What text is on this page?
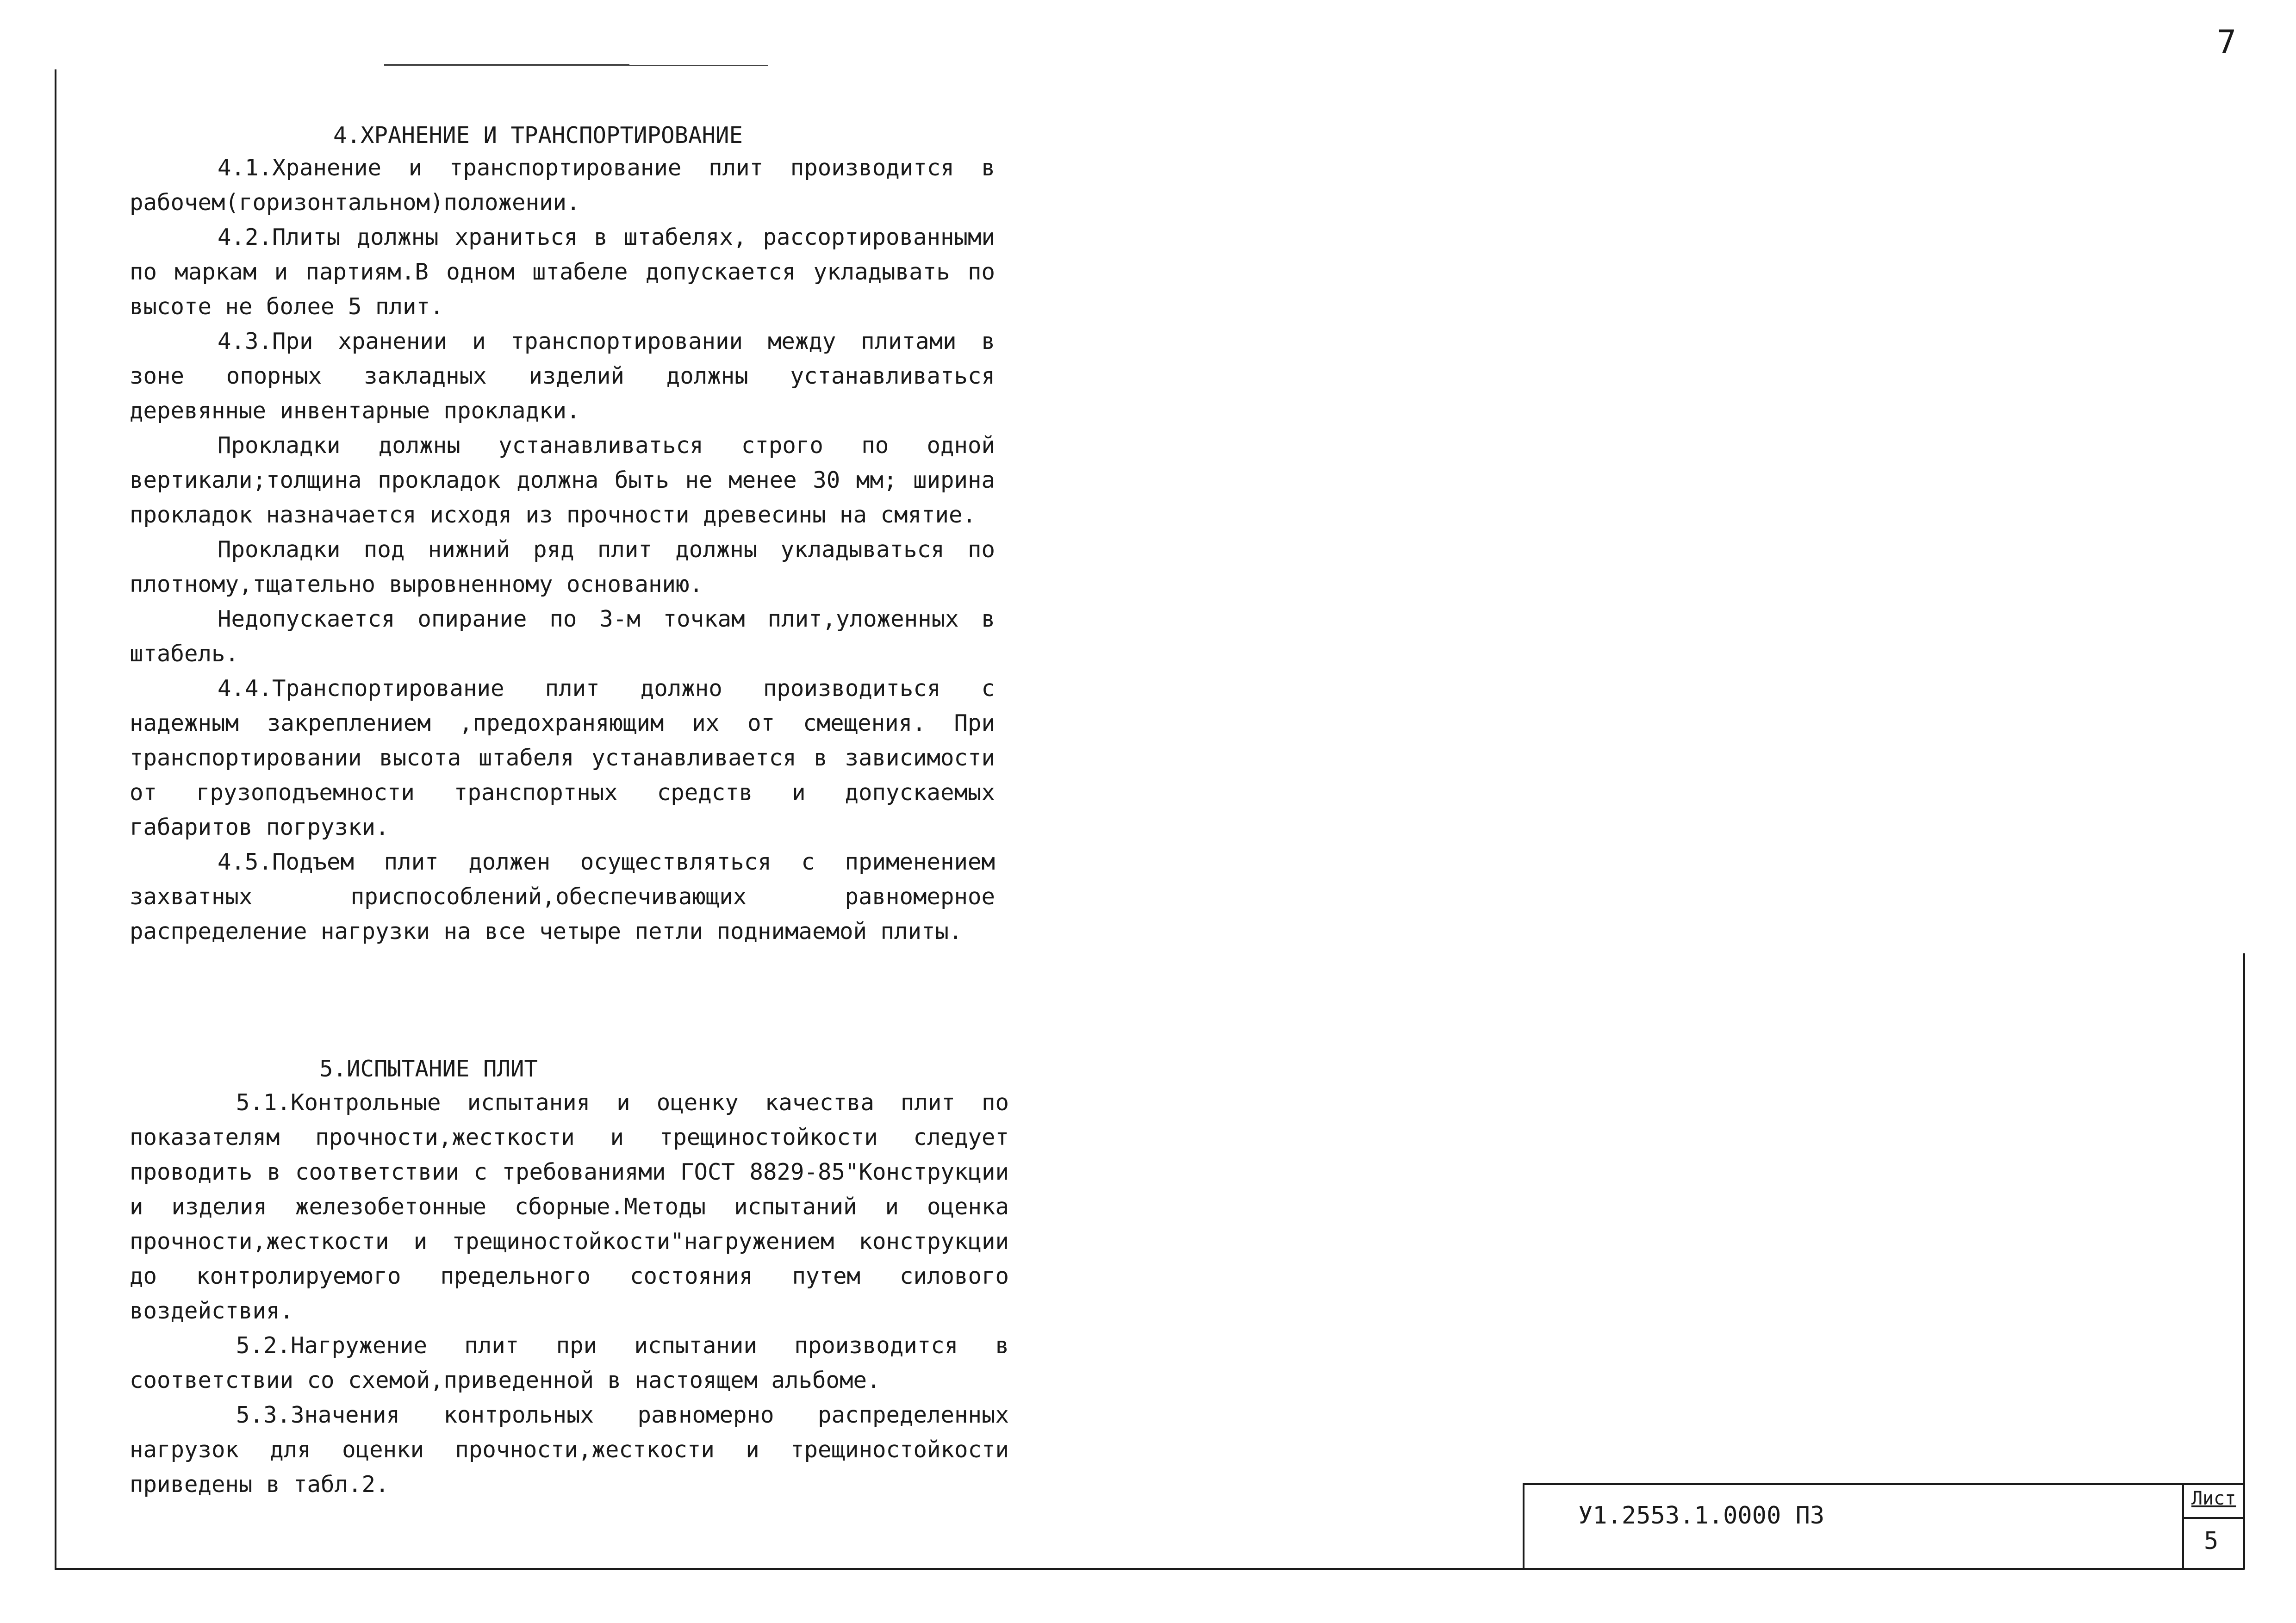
7
4.ХРАНЕНИЕ И ТРАНСПОРТИРОВАНИЕ

4.1.Хранение и транспортирование плит производится в рабочем(горизонтальном)положении.

4.2.Плиты должны храниться в штабелях, рассортированными по маркам и партиям.В одном штабеле допускается укладывать по высоте не более 5 плит.

4.3.При хранении и транспортировании между плитами в зоне опорных закладных изделий должны устанавливаться деревянные инвентарные прокладки.

Прокладки должны устанавливаться строго по одной вертикали;толщина прокладок должна быть не менее 30 мм; ширина прокладок назначается исходя из прочности древесины на смятие.

Прокладки под нижний ряд плит должны укладываться по плотному,тщательно выровненному основанию.

Недопускается опирание по 3-м точкам плит,уложенных в штабель.

4.4.Транспортирование плит должно производиться с надежным закреплением ,предохраняющим их от смещения. При транспортировании высота штабеля устанавливается в зависимости от грузоподъемности транспортных средств и допускаемых габаритов погрузки.

4.5.Подъем плит должен осуществляться с применением захватных приспособлений,обеспечивающих равномерное распределение нагрузки на все четыре петли поднимаемой плиты.

5.ИСПЫТАНИЕ ПЛИТ

5.1.Контрольные испытания и оценку качества плит по показателям прочности,жесткости и трещиностойкости следует проводить в соответствии с требованиями ГОСТ 8829-85"Конструкции и изделия железобетонные сборные.Методы испытаний и оценка прочности,жесткости и трещиностойкости"нагружением конструкции до контролируемого предельного состояния путем силового воздействия.

5.2.Нагружение плит при испытании производится в соответствии со схемой,приведенной в настоящем альбоме.

5.3.Значения контрольных равномерно распределенных нагрузок для оценки прочности,жесткости и трещиностойкости приведены в табл.2.

У1.2553.1.0000 ПЗ
Лист
5
